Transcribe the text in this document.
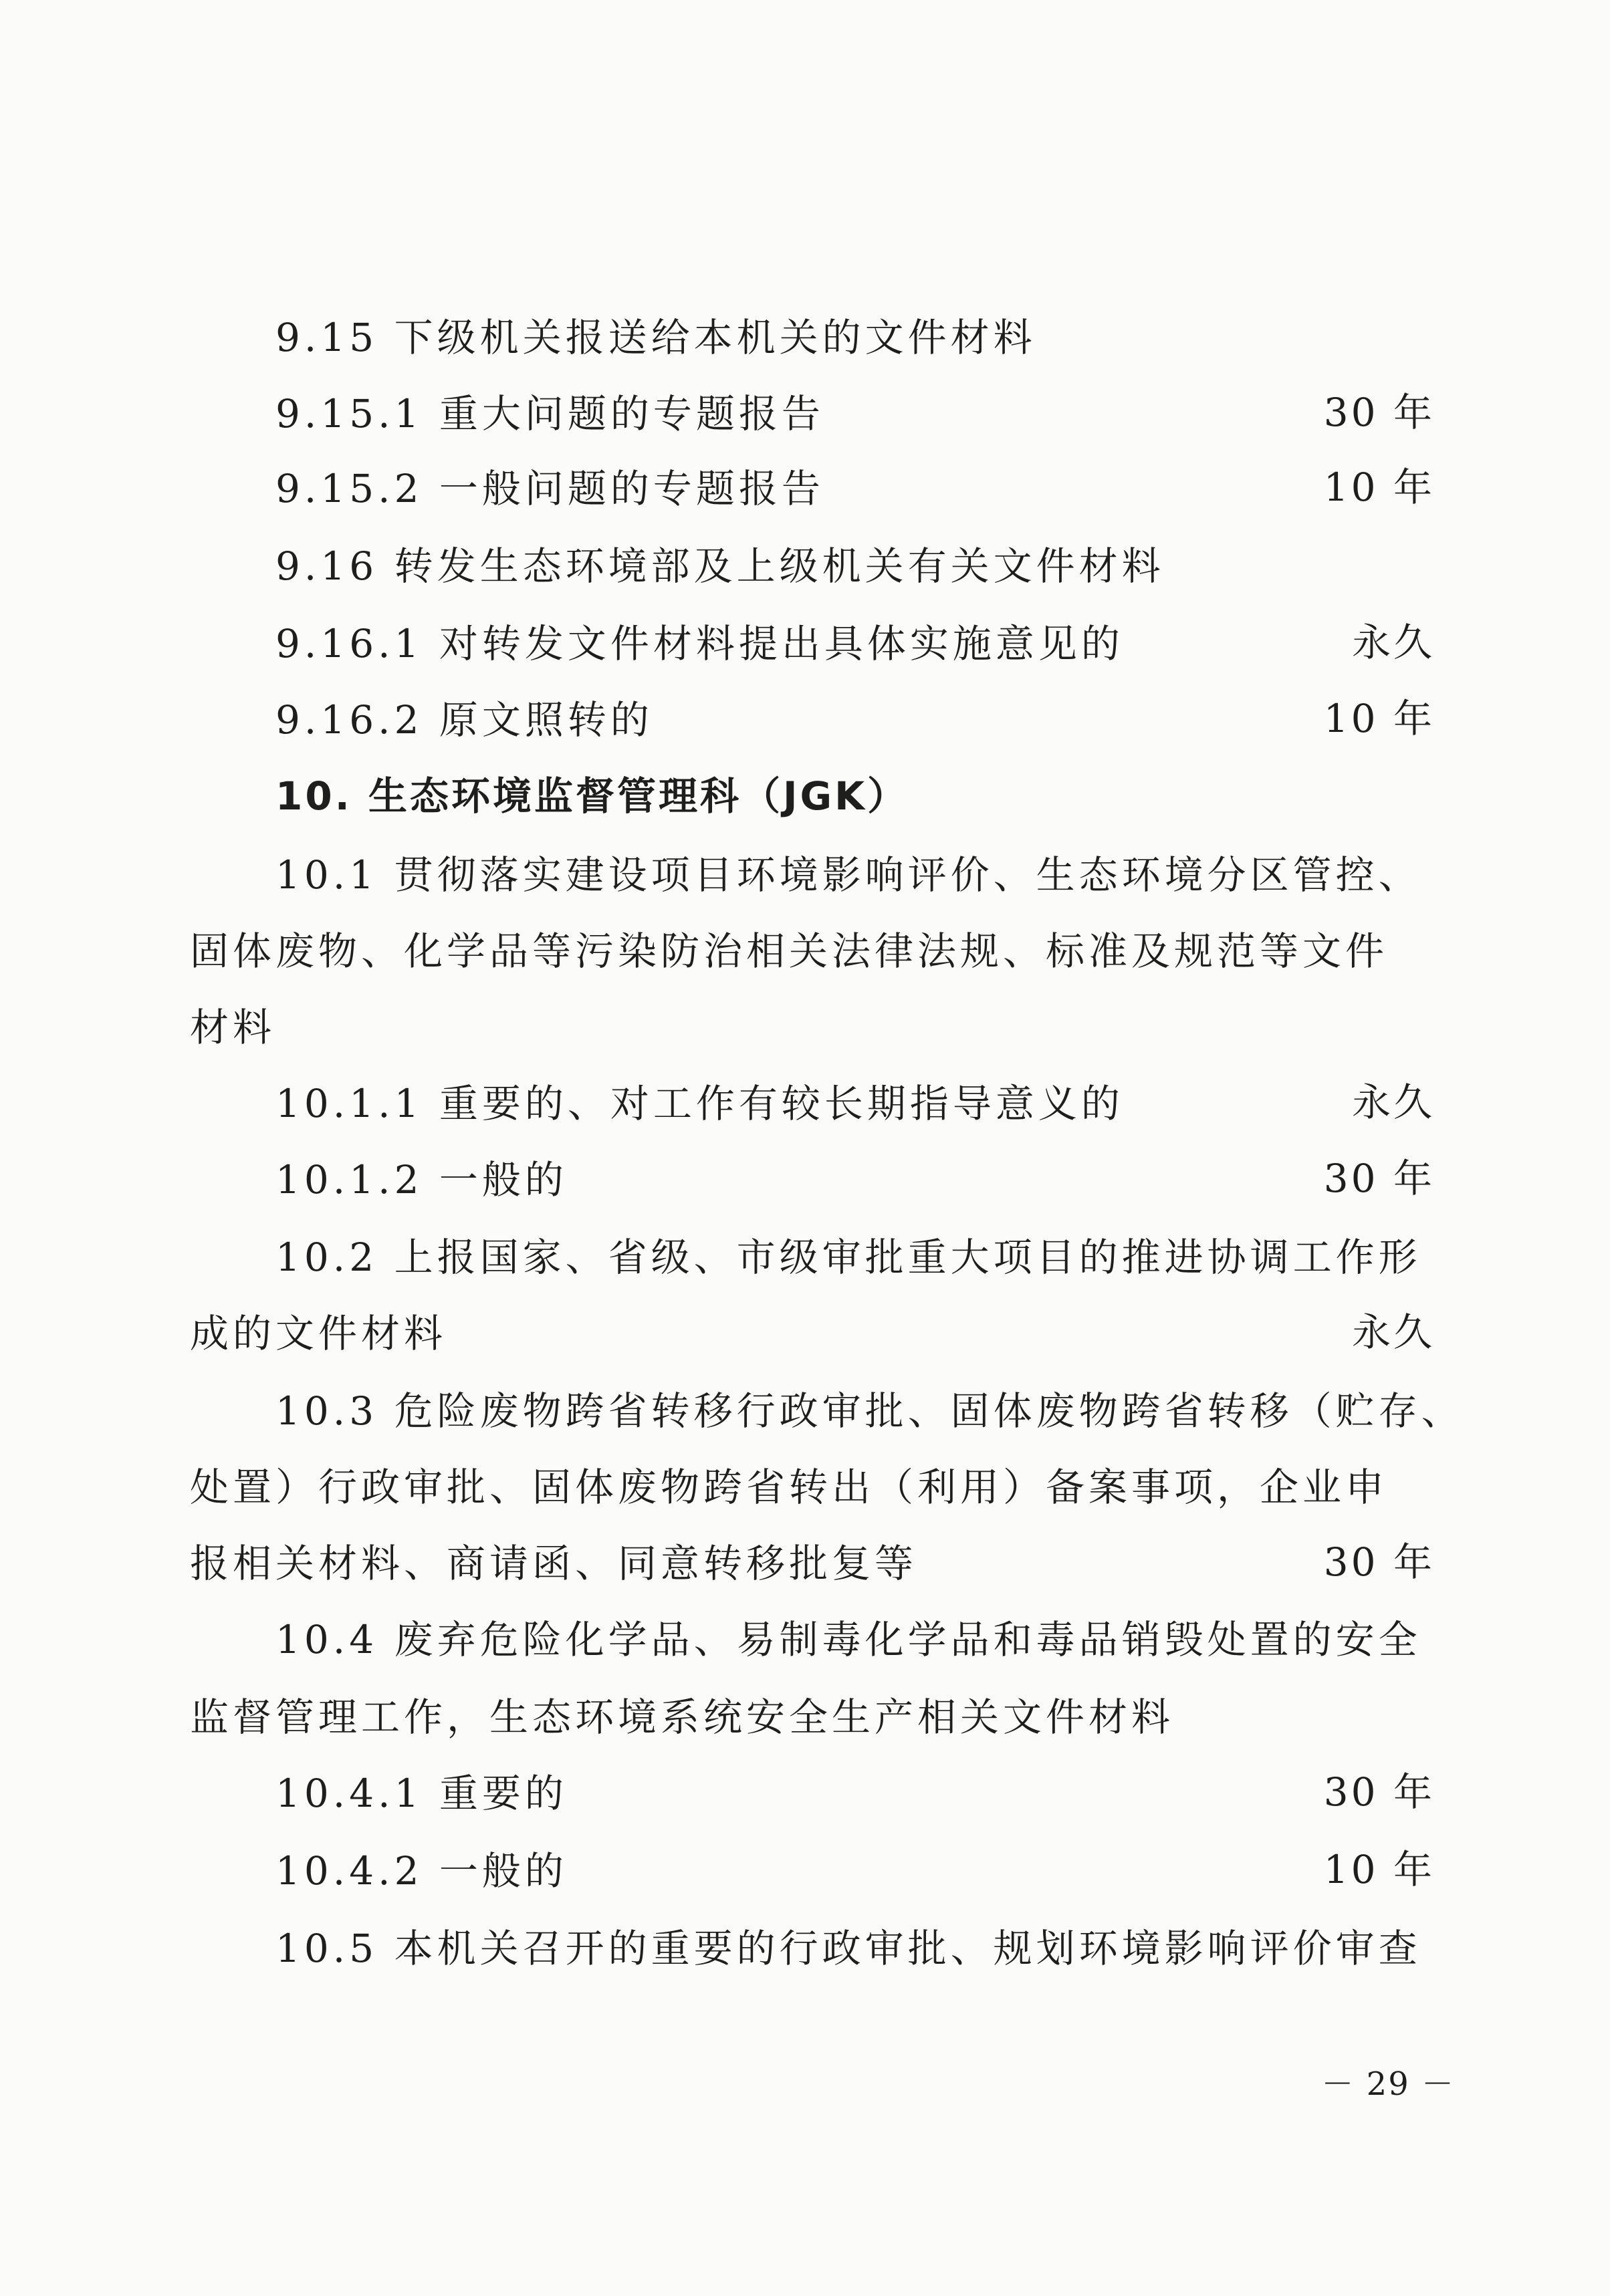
9.15 下级机关报送给本机关的文件材料
9.15.1 重大问题的专题报告	30 年
9.15.2 一般问题的专题报告	10 年
9.16 转发生态环境部及上级机关有关文件材料
9.16.1 对转发文件材料提出具体实施意见的	永久
9.16.2 原文照转的	10 年
10. 生态环境监督管理科（JGK）
10.1 贯彻落实建设项目环境影响评价、生态环境分区管控、
固体废物、化学品等污染防治相关法律法规、标准及规范等文件
材料
10.1.1 重要的、对工作有较长期指导意义的	永久
10.1.2 一般的	30 年
10.2 上报国家、省级、市级审批重大项目的推进协调工作形
成的文件材料	永久
10.3 危险废物跨省转移行政审批、固体废物跨省转移（贮存、
处置）行政审批、固体废物跨省转出（利用）备案事项，企业申
报相关材料、商请函、同意转移批复等	30 年
10.4 废弃危险化学品、易制毒化学品和毒品销毁处置的安全
监督管理工作，生态环境系统安全生产相关文件材料
10.4.1 重要的	30 年
10.4.2 一般的	10 年
10.5 本机关召开的重要的行政审批、规划环境影响评价审查
－ 29 －
